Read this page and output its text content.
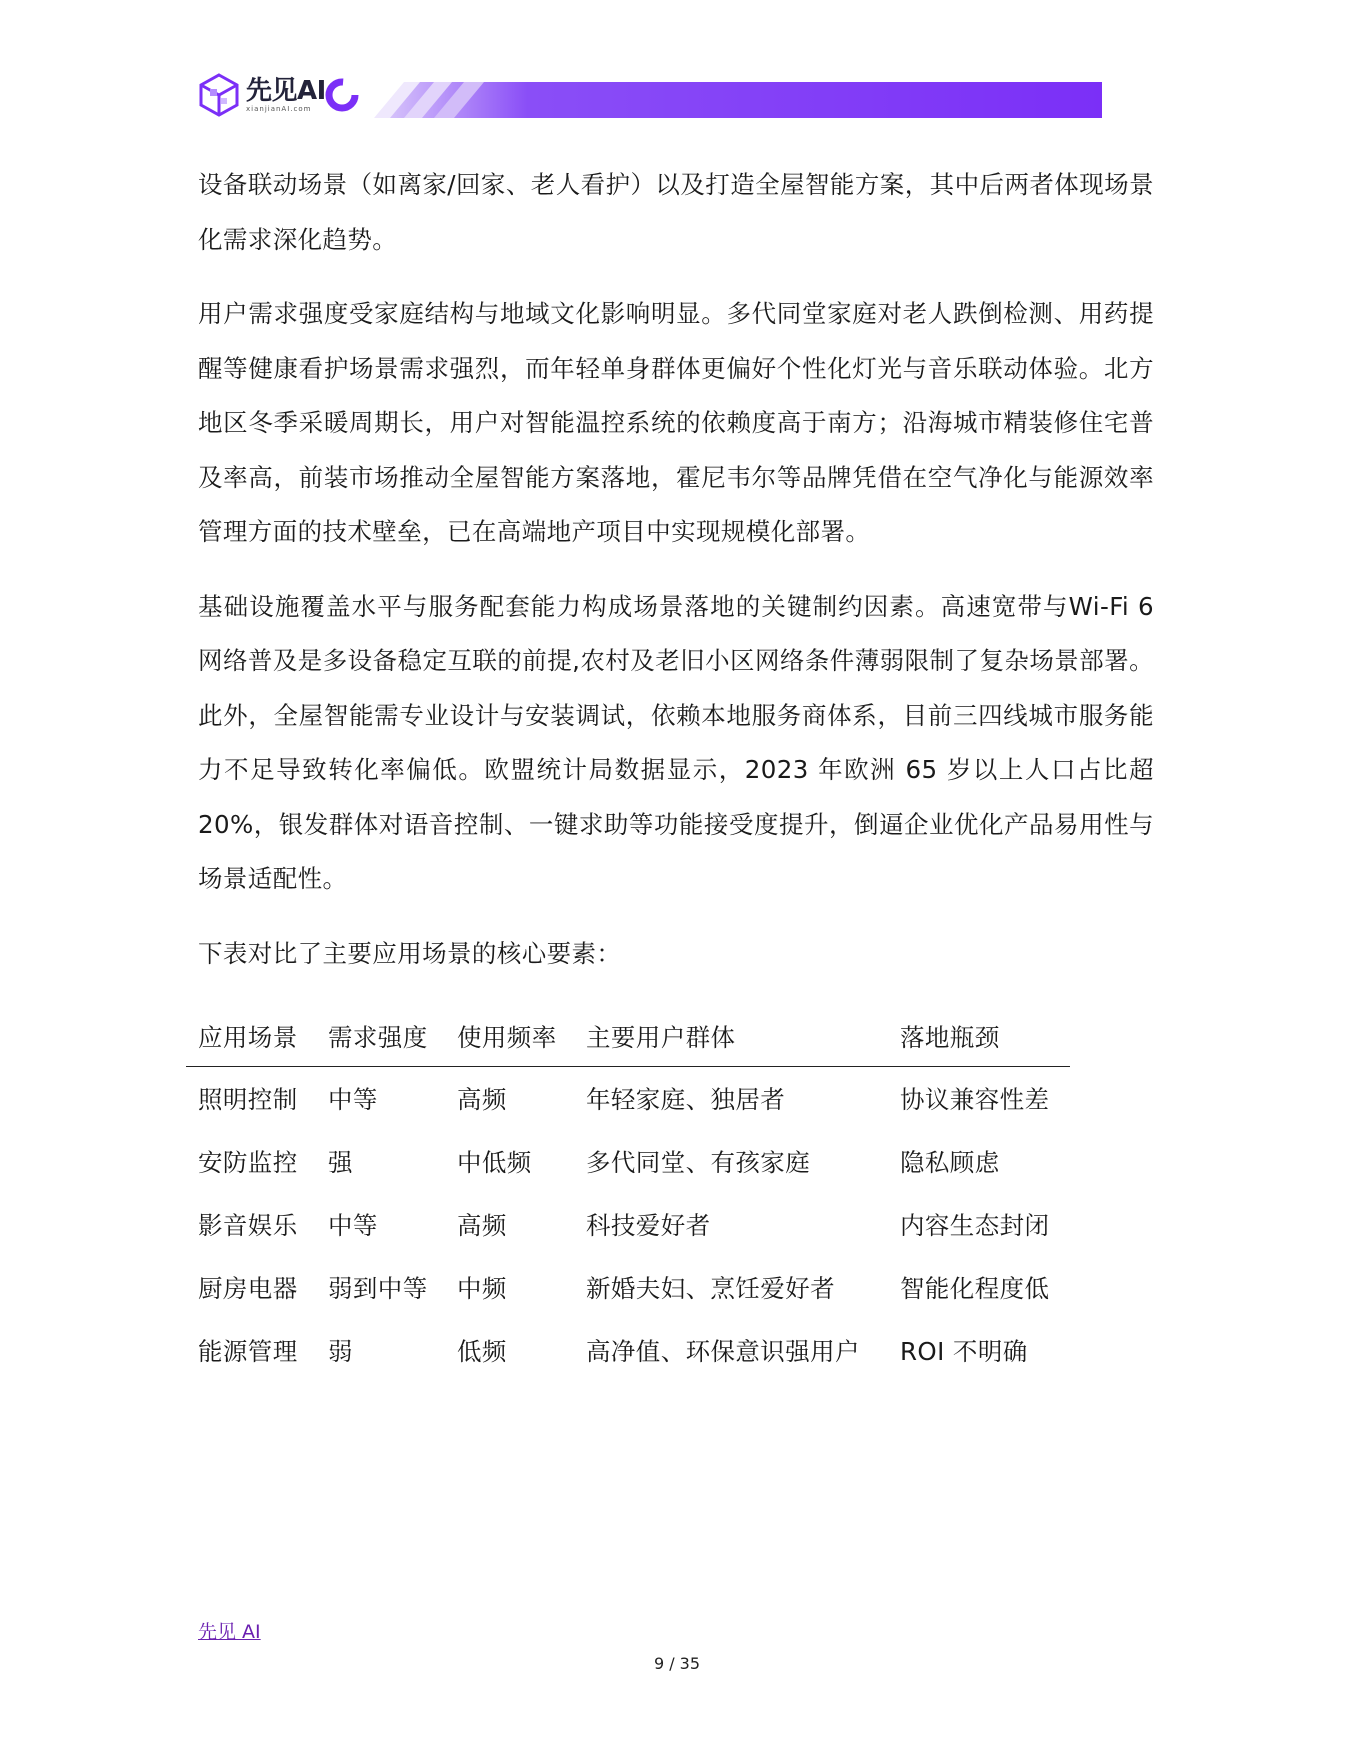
先见AI
xianjianAI.com

设备联动场景（如离家/回家、老人看护）以及打造全屋智能方案，其中后两者体现场景化需求深化趋势。

用户需求强度受家庭结构与地域文化影响明显。多代同堂家庭对老人跌倒检测、用药提醒等健康看护场景需求强烈，而年轻单身群体更偏好个性化灯光与音乐联动体验。北方地区冬季采暖周期长，用户对智能温控系统的依赖度高于南方；沿海城市精装修住宅普及率高，前装市场推动全屋智能方案落地，霍尼韦尔等品牌凭借在空气净化与能源效率管理方面的技术壁垒，已在高端地产项目中实现规模化部署。

基础设施覆盖水平与服务配套能力构成场景落地的关键制约因素。高速宽带与Wi-Fi 6 网络普及是多设备稳定互联的前提,农村及老旧小区网络条件薄弱限制了复杂场景部署。此外，全屋智能需专业设计与安装调试，依赖本地服务商体系，目前三四线城市服务能力不足导致转化率偏低。欧盟统计局数据显示，2023 年欧洲 65 岁以上人口占比超 20%，银发群体对语音控制、一键求助等功能接受度提升，倒逼企业优化产品易用性与场景适配性。

下表对比了主要应用场景的核心要素：

应用场景	需求强度	使用频率	主要用户群体	落地瓶颈
照明控制	中等	高频	年轻家庭、独居者	协议兼容性差
安防监控	强	中低频	多代同堂、有孩家庭	隐私顾虑
影音娱乐	中等	高频	科技爱好者	内容生态封闭
厨房电器	弱到中等	中频	新婚夫妇、烹饪爱好者	智能化程度低
能源管理	弱	低频	高净值、环保意识强用户	ROI 不明确
先见 AI
9 / 35
